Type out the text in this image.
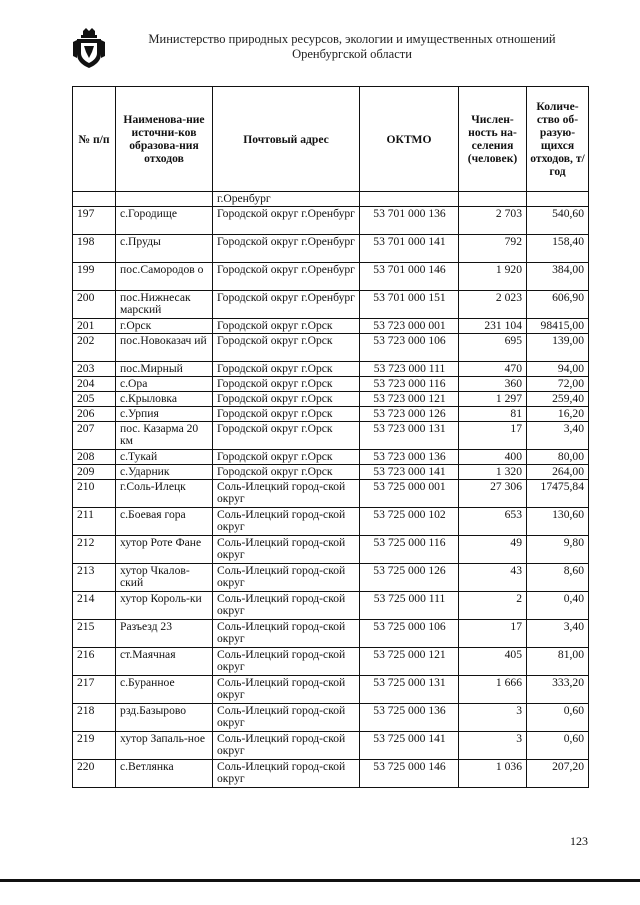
Министерство природных ресурсов, экологии и имущественных отношений
Оренбургской области
№ п/п	Наименова-ние источни-ков образова-ния отходов	Почтовый адрес	ОКТМО	Числен-ность на-селения (человек)	Количе-ство об-разую-щихся отходов, т/год
		г.Оренбург			
197	с.Городище	Городской округ г.Оренбург	53 701 000 136	2 703	540,60
198	с.Пруды	Городской округ г.Оренбург	53 701 000 141	792	158,40
199	пос.Самородов о	Городской округ г.Оренбург	53 701 000 146	1 920	384,00
200	пос.Нижнесак марский	Городской округ г.Оренбург	53 701 000 151	2 023	606,90
201	г.Орск	Городской округ г.Орск	53 723 000 001	231 104	98415,00
202	пос.Новоказач ий	Городской округ г.Орск	53 723 000 106	695	139,00
203	пос.Мирный	Городской округ г.Орск	53 723 000 111	470	94,00
204	с.Ора	Городской округ г.Орск	53 723 000 116	360	72,00
205	с.Крыловка	Городской округ г.Орск	53 723 000 121	1 297	259,40
206	с.Урпия	Городской округ г.Орск	53 723 000 126	81	16,20
207	пос. Казарма 20 км	Городской округ г.Орск	53 723 000 131	17	3,40
208	с.Тукай	Городской округ г.Орск	53 723 000 136	400	80,00
209	с.Ударник	Городской округ г.Орск	53 723 000 141	1 320	264,00
210	г.Соль-Илецк	Соль-Илецкий город-ской округ	53 725 000 001	27 306	17475,84
211	с.Боевая гора	Соль-Илецкий город-ской округ	53 725 000 102	653	130,60
212	хутор Роте Фане	Соль-Илецкий город-ской округ	53 725 000 116	49	9,80
213	хутор Чкалов-ский	Соль-Илецкий город-ской округ	53 725 000 126	43	8,60
214	хутор Король-ки	Соль-Илецкий город-ской округ	53 725 000 111	2	0,40
215	Разъезд 23	Соль-Илецкий город-ской округ	53 725 000 106	17	3,40
216	ст.Маячная	Соль-Илецкий город-ской округ	53 725 000 121	405	81,00
217	с.Буранное	Соль-Илецкий город-ской округ	53 725 000 131	1 666	333,20
218	рзд.Базырово	Соль-Илецкий город-ской округ	53 725 000 136	3	0,60
219	хутор Запаль-ное	Соль-Илецкий город-ской округ	53 725 000 141	3	0,60
220	с.Ветлянка	Соль-Илецкий город-ской округ	53 725 000 146	1 036	207,20
123
